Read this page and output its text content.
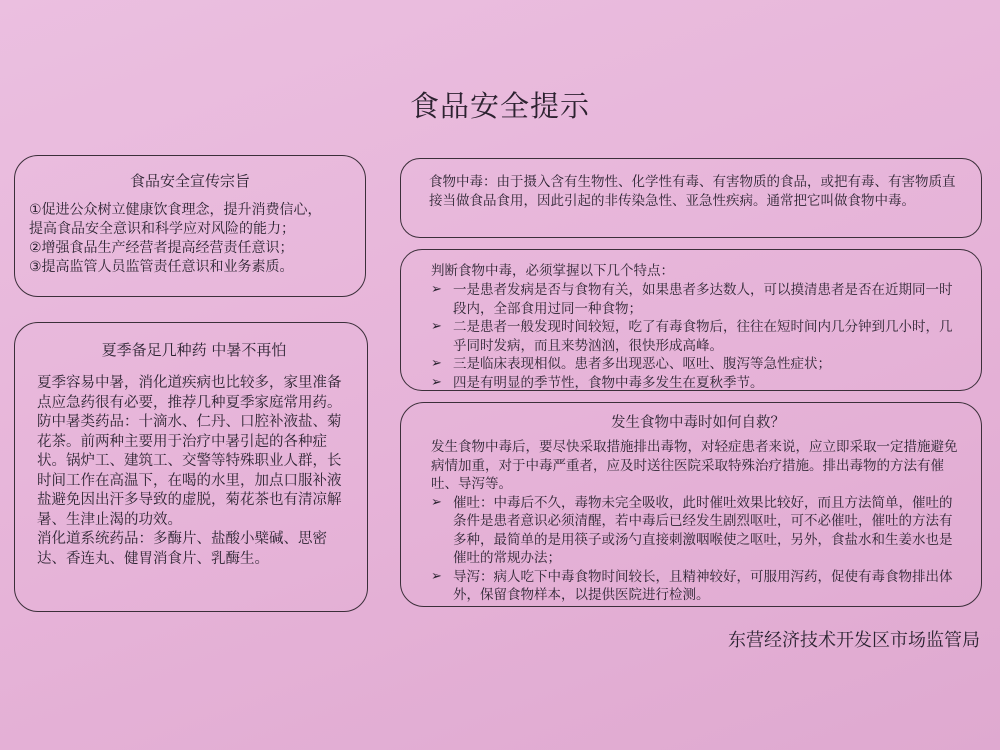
食品安全提示
食品安全宣传宗旨
①促进公众树立健康饮食理念，提升消费信心，
提高食品安全意识和科学应对风险的能力；
②增强食品生产经营者提高经营责任意识；
③提高监管人员监管责任意识和业务素质。
夏季备足几种药 中暑不再怕

夏季容易中暑，消化道疾病也比较多，家里准备点应急药很有必要，推荐几种夏季家庭常用药。

防中暑类药品：十滴水、仁丹、口腔补液盐、菊花茶。前两种主要用于治疗中暑引起的各种症状。锅炉工、建筑工、交警等特殊职业人群，长时间工作在高温下，在喝的水里，加点口服补液盐避免因出汗多导致的虚脱，菊花茶也有清凉解暑、生津止渴的功效。

消化道系统药品：多酶片、盐酸小檗碱、思密达、香连丸、健胃消食片、乳酶生。

食物中毒：由于摄入含有生物性、化学性有毒、有害物质的食品，或把有毒、有害物质直接当做食品食用，因此引起的非传染急性、亚急性疾病。通常把它叫做食物中毒。
判断食物中毒，必须掌握以下几个特点：
➢ 一是患者发病是否与食物有关，如果患者多达数人，可以摸清患者是否在近期同一时段内，全部食用过同一种食物；
➢ 二是患者一般发现时间较短，吃了有毒食物后，往往在短时间内几分钟到几小时，几乎同时发病，而且来势汹汹，很快形成高峰。
➢ 三是临床表现相似。患者多出现恶心、呕吐、腹泻等急性症状；
➢ 四是有明显的季节性，食物中毒多发生在夏秋季节。
发生食物中毒时如何自救？
发生食物中毒后，要尽快采取措施排出毒物，对轻症患者来说，应立即采取一定措施避免病情加重，对于中毒严重者，应及时送往医院采取特殊治疗措施。排出毒物的方法有催吐、导泻等。
➢ 催吐：中毒后不久，毒物未完全吸收，此时催吐效果比较好，而且方法简单，催吐的条件是患者意识必须清醒，若中毒后已经发生剧烈呕吐，可不必催吐，催吐的方法有多种，最简单的是用筷子或汤勺直接刺激咽喉使之呕吐，另外，食盐水和生姜水也是催吐的常规办法；
➢ 导泻：病人吃下中毒食物时间较长，且精神较好，可服用泻药，促使有毒食物排出体外，保留食物样本，以提供医院进行检测。
东营经济技术开发区市场监管局
